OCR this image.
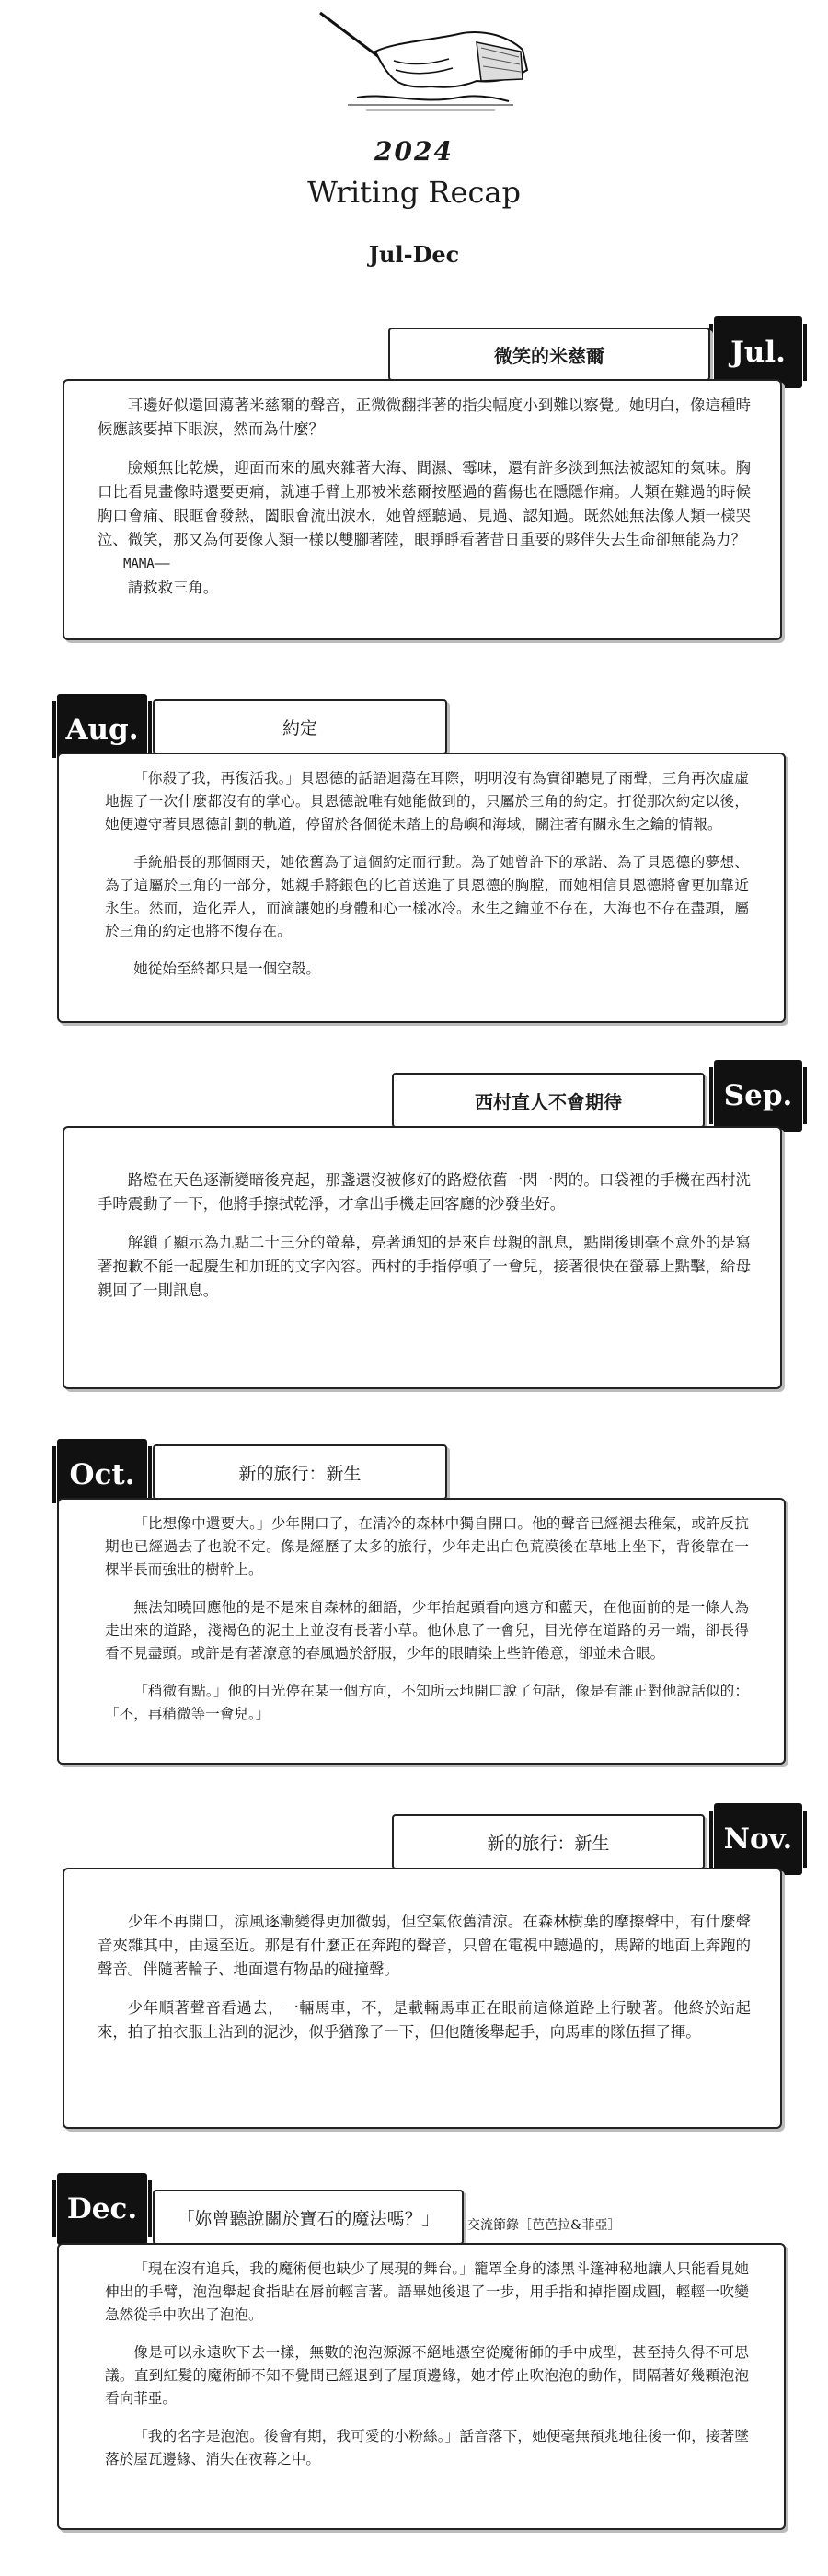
2024
Writing Recap
Jul-Dec
Jul.
微笑的米慈爾

耳邊好似還回蕩著米慈爾的聲音，正微微翻拌著的指尖幅度小到難以察覺。她明白，像這種時候應該要掉下眼淚，然而為什麼？

臉頰無比乾燥，迎面而來的風夾雜著大海、間濕、霉味，還有許多淡到無法被認知的氣味。胸口比看見畫像時還要更痛，就連手臂上那被米慈爾按壓過的舊傷也在隱隱作痛。人類在難過的時候胸口會痛、眼眶會發熱，闔眼會流出淚水，她曾經聽過、見過、認知過。既然她無法像人類一樣哭泣、微笑，那又為何要像人類一樣以雙腳著陸，眼睜睜看著昔日重要的夥伴失去生命卻無能為力？

MAMA——

請救救三角。

Aug.	約定

「你殺了我，再復活我。」貝恩德的話語迴蕩在耳際，明明沒有為實卻聽見了雨聲，三角再次虛虛地握了一次什麼都沒有的掌心。貝恩德說唯有她能做到的，只屬於三角的約定。打從那次約定以後，她便遵守著貝恩德計劃的軌道，停留於各個從未踏上的島嶼和海域，關注著有關永生之鑰的情報。

手統船長的那個雨天，她依舊為了這個約定而行動。為了她曾許下的承諾、為了貝恩德的夢想、為了這屬於三角的一部分，她親手將銀色的匕首送進了貝恩德的胸膛，而她相信貝恩德將會更加靠近永生。然而，造化弄人，而滴讓她的身體和心一樣冰冷。永生之鑰並不存在，大海也不存在盡頭，屬於三角的約定也將不復存在。

她從始至終都只是一個空殼。

Sep.
西村直人不會期待

路燈在天色逐漸變暗後亮起，那盞還沒被修好的路燈依舊一閃一閃的。口袋裡的手機在西村洗手時震動了一下，他將手擦拭乾淨，才拿出手機走回客廳的沙發坐好。

解鎖了顯示為九點二十三分的螢幕，亮著通知的是來自母親的訊息，點開後則毫不意外的是寫著抱歉不能一起慶生和加班的文字內容。西村的手指停頓了一會兒，接著很快在螢幕上點擊，給母親回了一則訊息。

Oct.	新的旅行：新生

「比想像中還要大。」少年開口了，在清冷的森林中獨自開口。他的聲音已經褪去稚氣，或許反抗期也已經過去了也說不定。像是經歷了太多的旅行，少年走出白色荒漠後在草地上坐下，背後靠在一棵半長而強壯的樹幹上。

無法知曉回應他的是不是來自森林的細語，少年抬起頭看向遠方和藍天，在他面前的是一條人為走出來的道路，淺褐色的泥土上並沒有長著小草。他休息了一會兒，目光停在道路的另一端，卻長得看不見盡頭。或許是有著潦意的春風過於舒服，少年的眼睛染上些許倦意，卻並未合眼。

「稍微有點。」他的目光停在某一個方向，不知所云地開口說了句話，像是有誰正對他說話似的：「不，再稍微等一會兒。」

Nov.
新的旅行：新生

少年不再開口，涼風逐漸變得更加微弱，但空氣依舊清涼。在森林樹葉的摩擦聲中，有什麼聲音夾雜其中，由遠至近。那是有什麼正在奔跑的聲音，只曾在電視中聽過的，馬蹄的地面上奔跑的聲音。伴隨著輪子、地面還有物品的碰撞聲。

少年順著聲音看過去，一輛馬車，不，是載輛馬車正在眼前這條道路上行駛著。他終於站起來，拍了拍衣服上沾到的泥沙，似乎猶豫了一下，但他隨後舉起手，向馬車的隊伍揮了揮。

Dec.	「妳曾聽說關於寶石的魔法嗎？」	交流節錄［芭芭拉&菲亞］

「現在沒有追兵，我的魔術便也缺少了展現的舞台。」籠罩全身的漆黑斗篷神秘地讓人只能看見她伸出的手臂，泡泡舉起食指貼在唇前輕言著。語畢她後退了一步，用手指和掉指圈成圓，輕輕一吹變急然從手中吹出了泡泡。

像是可以永遠吹下去一樣，無數的泡泡源源不絕地憑空從魔術師的手中成型，甚至持久得不可思議。直到紅髮的魔術師不知不覺問已經退到了屋頂邊緣，她才停止吹泡泡的動作，問隔著好幾顆泡泡看向菲亞。

「我的名字是泡泡。後會有期，我可愛的小粉絲。」話音落下，她便毫無預兆地往後一仰，接著墜落於屋瓦邊緣、消失在夜幕之中。
